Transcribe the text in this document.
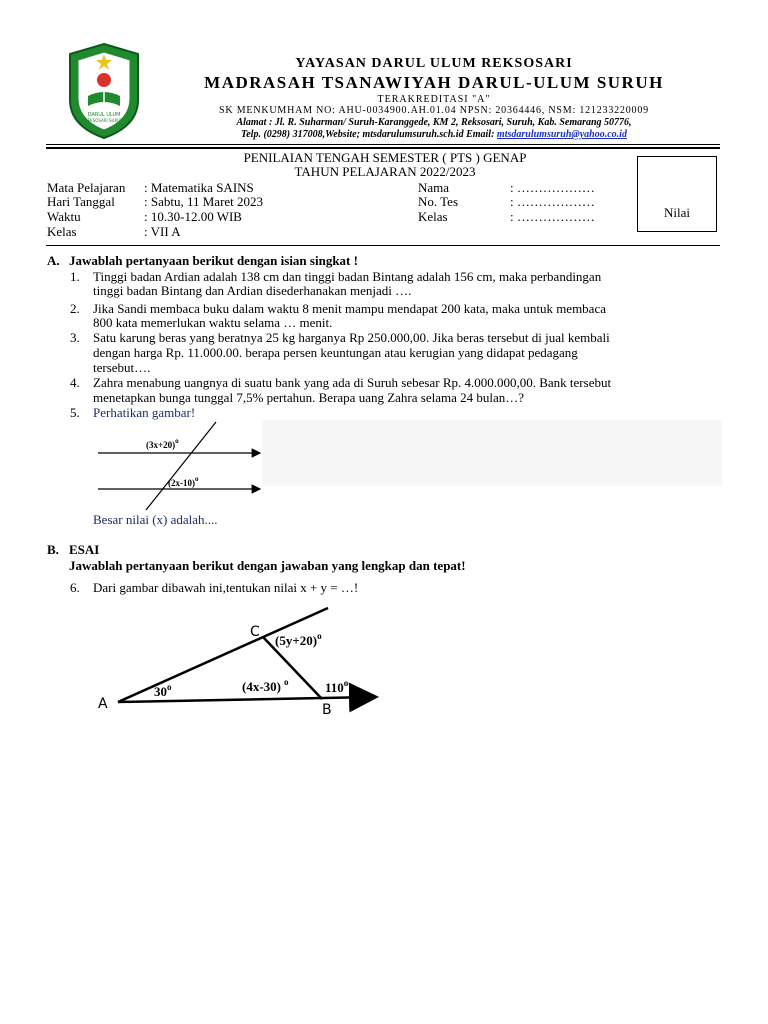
DARUL ULUM
REKSOSARI SURUH
YAYASAN DARUL ULUM REKSOSARI
MADRASAH TSANAWIYAH DARUL-ULUM SURUH
TERAKREDITASI "A"
SK MENKUMHAM NO: AHU-0034900.AH.01.04 NPSN: 20364446, NSM: 121233220009
Alamat : Jl. R. Suharman/ Suruh-Karanggede, KM 2, Reksosari, Suruh, Kab. Semarang 50776,
Telp. (0298) 317008,Website; mtsdarulumsuruh.sch.id Email: mtsdarulumsuruh@yahoo.co.id
PENILAIAN TENGAH SEMESTER ( PTS ) GENAP
TAHUN PELAJARAN 2022/2023
Mata Pelajaran : Matematika SAINS
Hari Tanggal : Sabtu, 11 Maret 2023
Waktu	: 10.30-12.00 WIB
Kelas	: VII A
Nama	: ………………
No. Tes	: ………………
Kelas	: ………………	Nilai
A. Jawablah pertanyaan berikut dengan isian singkat !
1. Tinggi badan Ardian adalah 138 cm dan tinggi badan Bintang adalah 156 cm, maka perbandingan
tinggi badan Bintang dan Ardian disederhanakan menjadi ….
2. Jika Sandi membaca buku dalam waktu 8 menit mampu mendapat 200 kata, maka untuk membaca
800 kata memerlukan waktu selama … menit.
3. Satu karung beras yang beratnya 25 kg harganya Rp 250.000,00. Jika beras tersebut di jual kembali
dengan harga Rp. 11.000.00. berapa persen keuntungan atau kerugian yang didapat pedagang
tersebut….
4. Zahra menabung uangnya di suatu bank yang ada di Suruh sebesar Rp. 4.000.000,00. Bank tersebut
menetapkan bunga tunggal 7,5% pertahun. Berapa uang Zahra selama 24 bulan…?
5. Perhatikan gambar!
$(3x+20)^o$
$(2x-10)^o$
Besar nilai (x) adalah....
B. ESAI
Jawablah pertanyaan berikut dengan jawaban yang lengkap dan tepat!
6. Dari gambar dibawah ini,tentukan nilai x + y = …!
A	B
C
30$^o$	(4x-30) $^o$	110$^o$
$(5y+20)^o$
